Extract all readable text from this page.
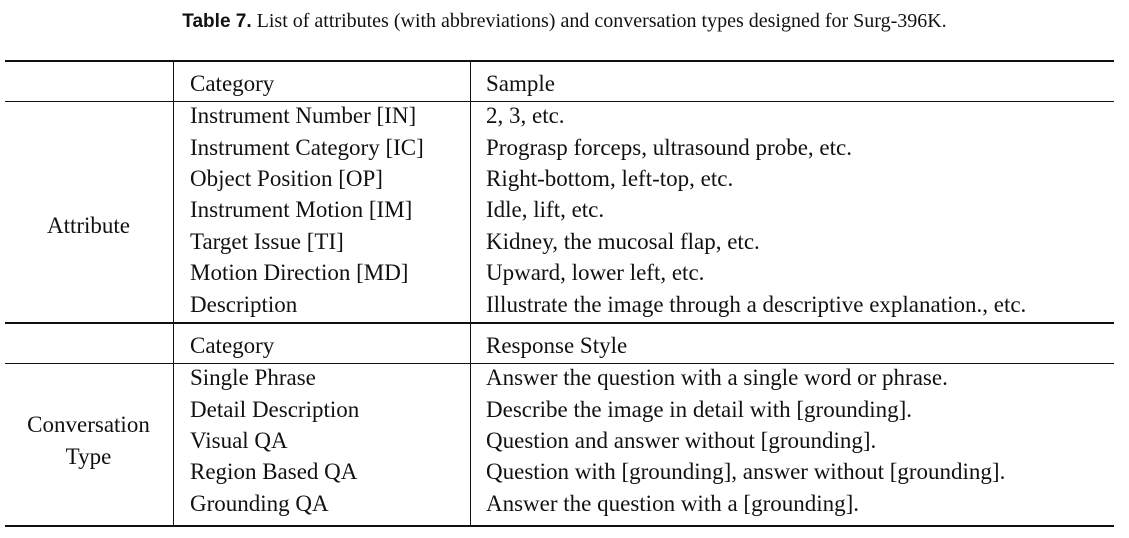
Table 7. List of attributes (with abbreviations) and conversation types designed for Surg-396K.
Category	Sample
Attribute
Instrument Number [IN]	2, 3, etc.
Instrument Category [IC]	Prograsp forceps, ultrasound probe, etc.
Object Position [OP]	Right-bottom, left-top, etc.
Instrument Motion [IM]	Idle, lift, etc.
Target Issue [TI]	Kidney, the mucosal flap, etc.
Motion Direction [MD]	Upward, lower left, etc.
Description	Illustrate the image through a descriptive explanation., etc.
Category	Response Style
Conversation
Type
Single Phrase	Answer the question with a single word or phrase.
Detail Description	Describe the image in detail with [grounding].
Visual QA	Question and answer without [grounding].
Region Based QA	Question with [grounding], answer without [grounding].
Grounding QA	Answer the question with a [grounding].
